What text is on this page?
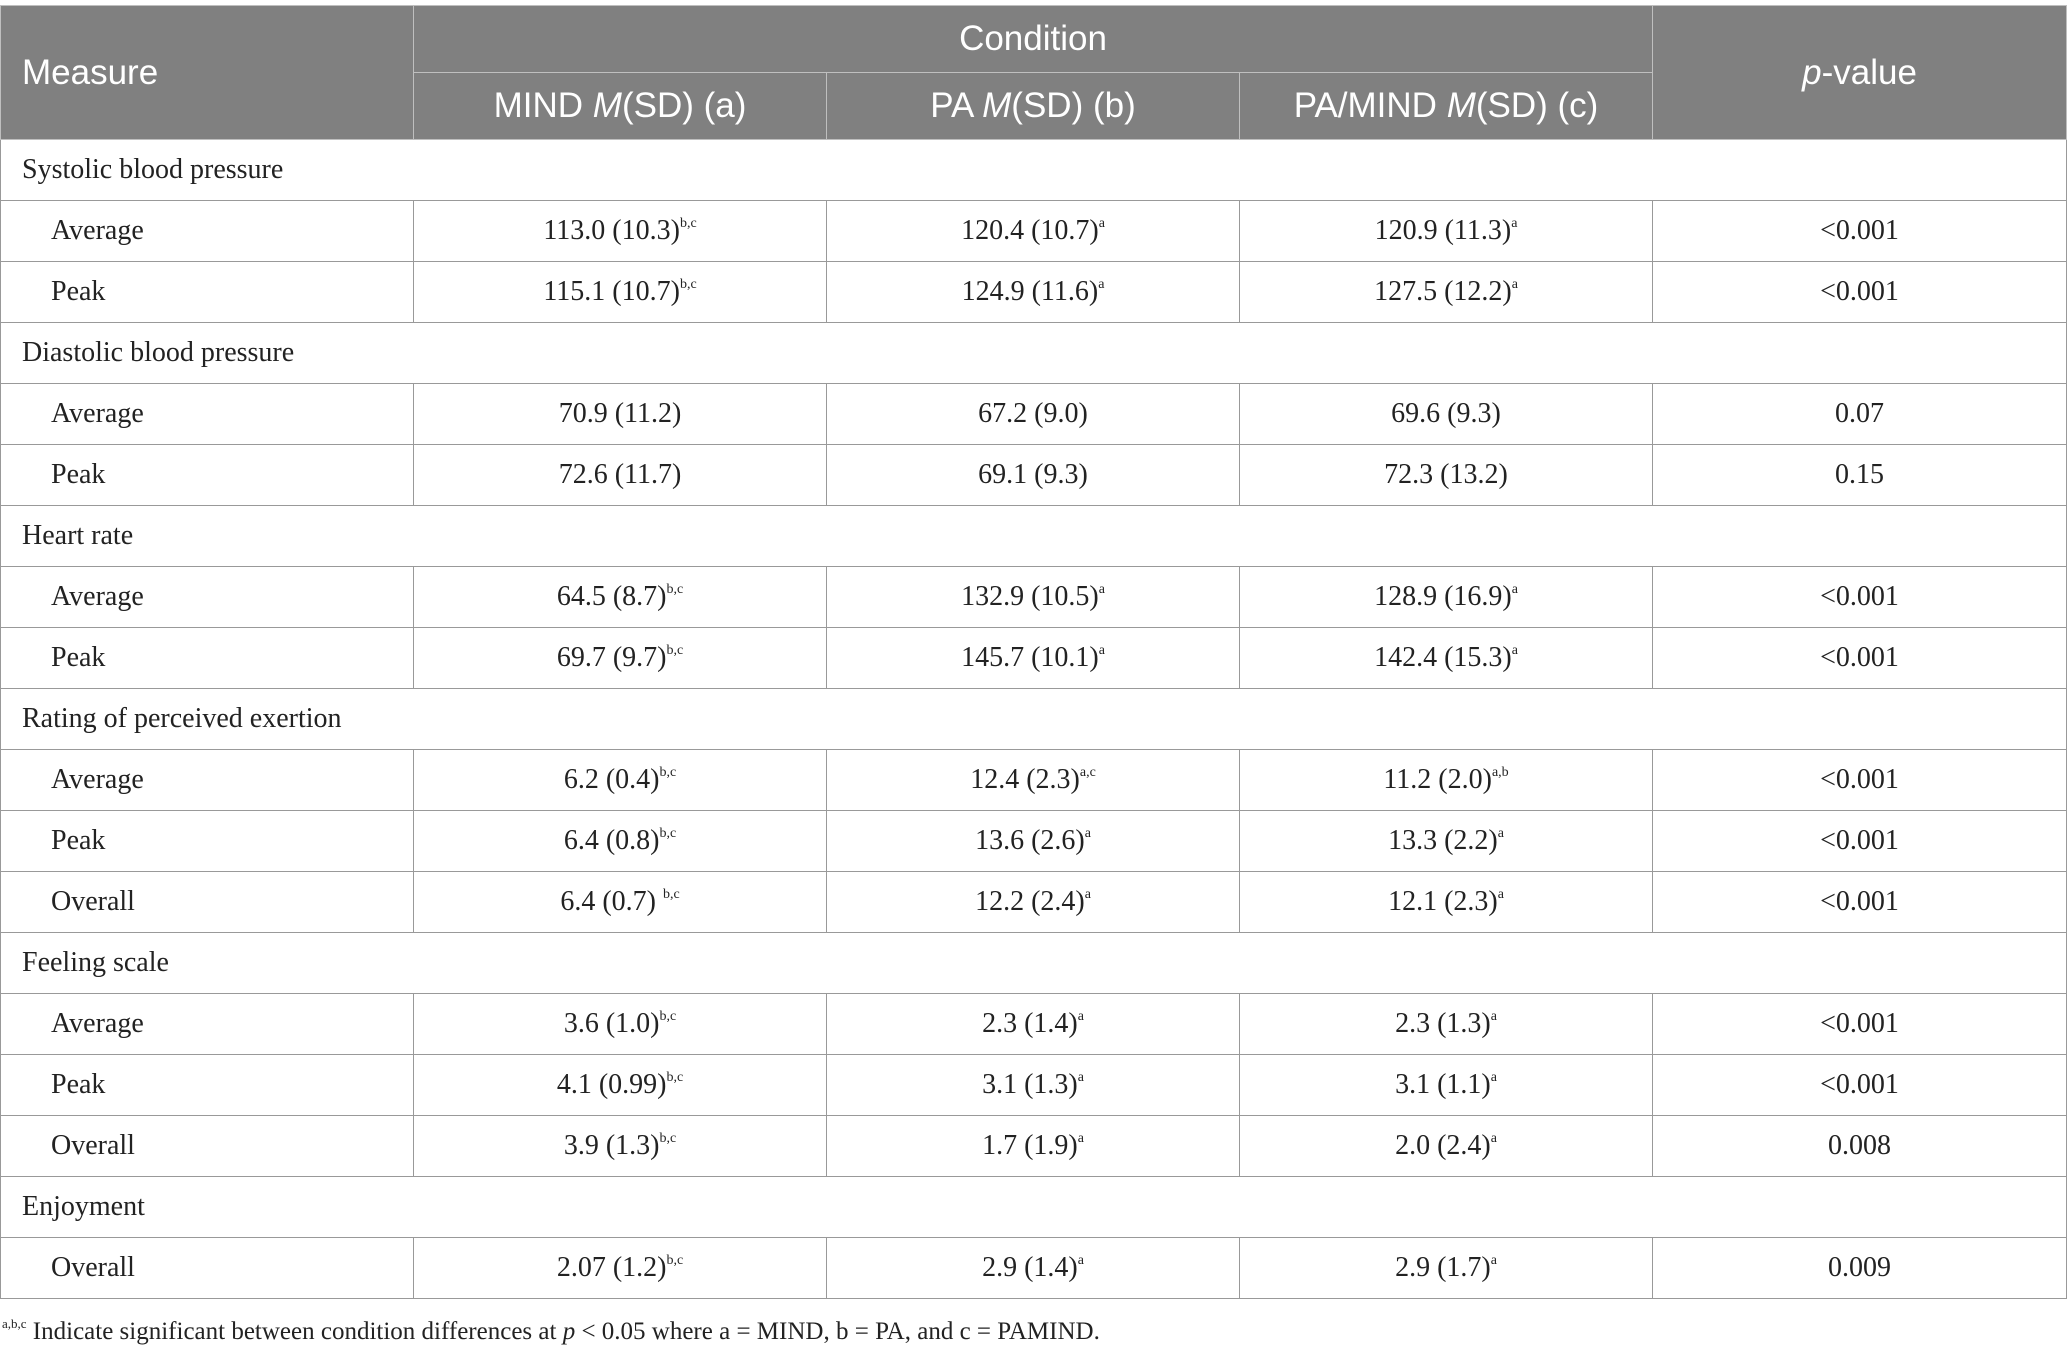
Measure	Condition			p-value
	MIND M(SD) (a)	PA M(SD) (b)	PA/MIND M(SD) (c)	
Systolic blood pressure				
Average	113.0 $(10.3)^{b,c}$	120.4 $(10.7)^a$	120.9 $(11.3)^a$	<0.001
Peak	115.1 $(10.7)^{b,c}$	124.9 $(11.6)^a$	127.5 $(12.2)^a$	<0.001
Diastolic blood pressure				
Average	70.9 (11.2)	67.2 (9.0)	69.6 (9.3)	0.07
Peak	72.6 (11.7)	69.1 (9.3)	72.3 (13.2)	0.15
Heart rate				
Average	64.5 $(8.7)^{b,c}$	132.9 $(10.5)^a$	128.9 $(16.9)^a$	<0.001
Peak	69.7 $(9.7)^{b,c}$	145.7 $(10.1)^a$	142.4 $(15.3)^a$	<0.001
Rating of perceived exertion				
Average	6.2 $(0.4)^{b,c}$	12.4 $(2.3)^{a,c}$	11.2 $(2.0)^{a,b}$	<0.001
Peak	6.4 $(0.8)^{b,c}$	13.6 $(2.6)^a$	13.3 $(2.2)^a$	<0.001
Overall	6.4 (0.7) $^{b,c}$	12.2 $(2.4)^a$	12.1 $(2.3)^a$	<0.001
Feeling scale				
Average	3.6 $(1.0)^{b,c}$	2.3 $(1.4)^a$	2.3 $(1.3)^a$	<0.001
Peak	4.1 $(0.99)^{b,c}$	3.1 $(1.3)^a$	3.1 $(1.1)^a$	<0.001
Overall	3.9 $(1.3)^{b,c}$	1.7 $(1.9)^a$	2.0 $(2.4)^a$	0.008
Enjoyment				
Overall	2.07 $(1.2)^{b,c}$	2.9 $(1.4)^a$	2.9 $(1.7)^a$	0.009
$^{a,b,c}$ Indicate significant between condition differences at p < 0.05 where a = MIND, b = PA, and c = PAMIND.
